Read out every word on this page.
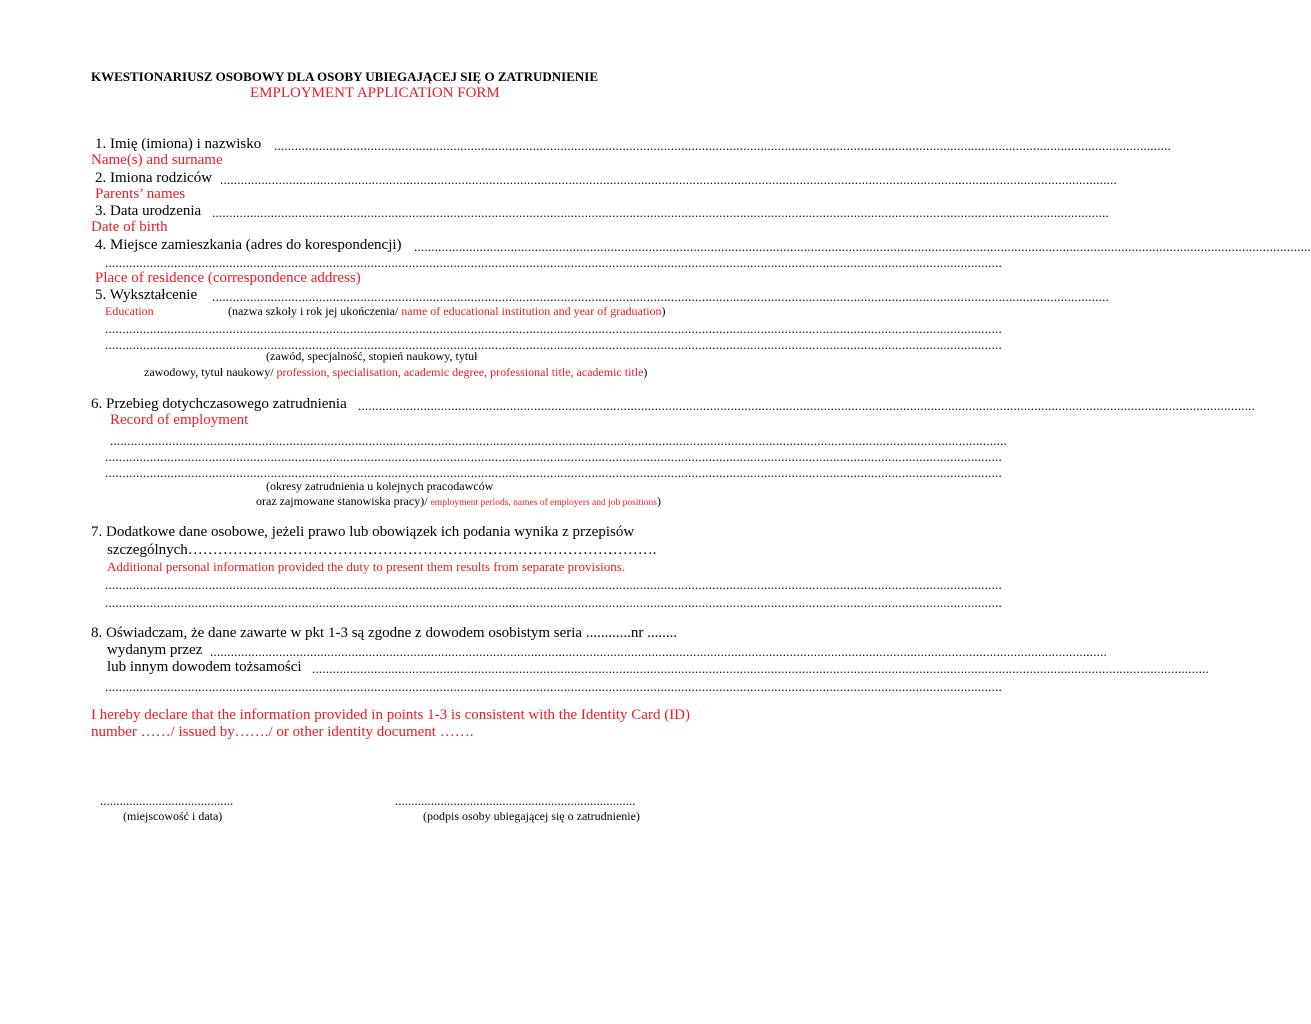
KWESTIONARIUSZ OSOBOWY DLA OSOBY UBIEGAJĄCEJ SIĘ O ZATRUDNIENIE
EMPLOYMENT APPLICATION FORM
1. Imię (imiona) i nazwisko ....................................................................................................................................................................................................................................................................
Name(s) and surname
2. Imiona rodziców ....................................................................................................................................................................................................................................................................
Parents’ names
3. Data urodzenia ....................................................................................................................................................................................................................................................................
Date of birth
4. Miejsce zamieszkania (adres do korespondencji) ....................................................................................................................................................................................................................................................................
....................................................................................................................................................................................................................................................................
Place of residence (correspondence address)
5. Wykształcenie ....................................................................................................................................................................................................................................................................
Education	(nazwa szkoły i rok jej ukończenia/ name of educational institution and year of graduation)
....................................................................................................................................................................................................................................................................
....................................................................................................................................................................................................................................................................
(zawód, specjalność, stopień naukowy, tytuł
zawodowy, tytuł naukowy/ profession, specialisation, academic degree, professional title, academic title)
6. Przebieg dotychczasowego zatrudnienia ....................................................................................................................................................................................................................................................................
Record of employment
....................................................................................................................................................................................................................................................................
....................................................................................................................................................................................................................................................................
....................................................................................................................................................................................................................................................................
(okresy zatrudnienia u kolejnych pracodawców
oraz zajmowane stanowiska pracy)/ employment periods, names of employers and job positions)
7. Dodatkowe dane osobowe, jeżeli prawo lub obowiązek ich podania wynika z przepisów
szczególnych………………………………………………………………………………….
Additional personal information provided the duty to present them results from separate provisions.
....................................................................................................................................................................................................................................................................
....................................................................................................................................................................................................................................................................
8. Oświadczam, że dane zawarte w pkt 1-3 są zgodne z dowodem osobistym seria ............nr ........
wydanym przez ....................................................................................................................................................................................................................................................................
lub innym dowodem tożsamości ....................................................................................................................................................................................................................................................................
....................................................................................................................................................................................................................................................................
I hereby declare that the information provided in points 1-3 is consistent with the Identity Card (ID)
number ……/ issued by……./ or other identity document …….
.........................................	..........................................................................
(miejscowość i data)	(podpis osoby ubiegającej się o zatrudnienie)
